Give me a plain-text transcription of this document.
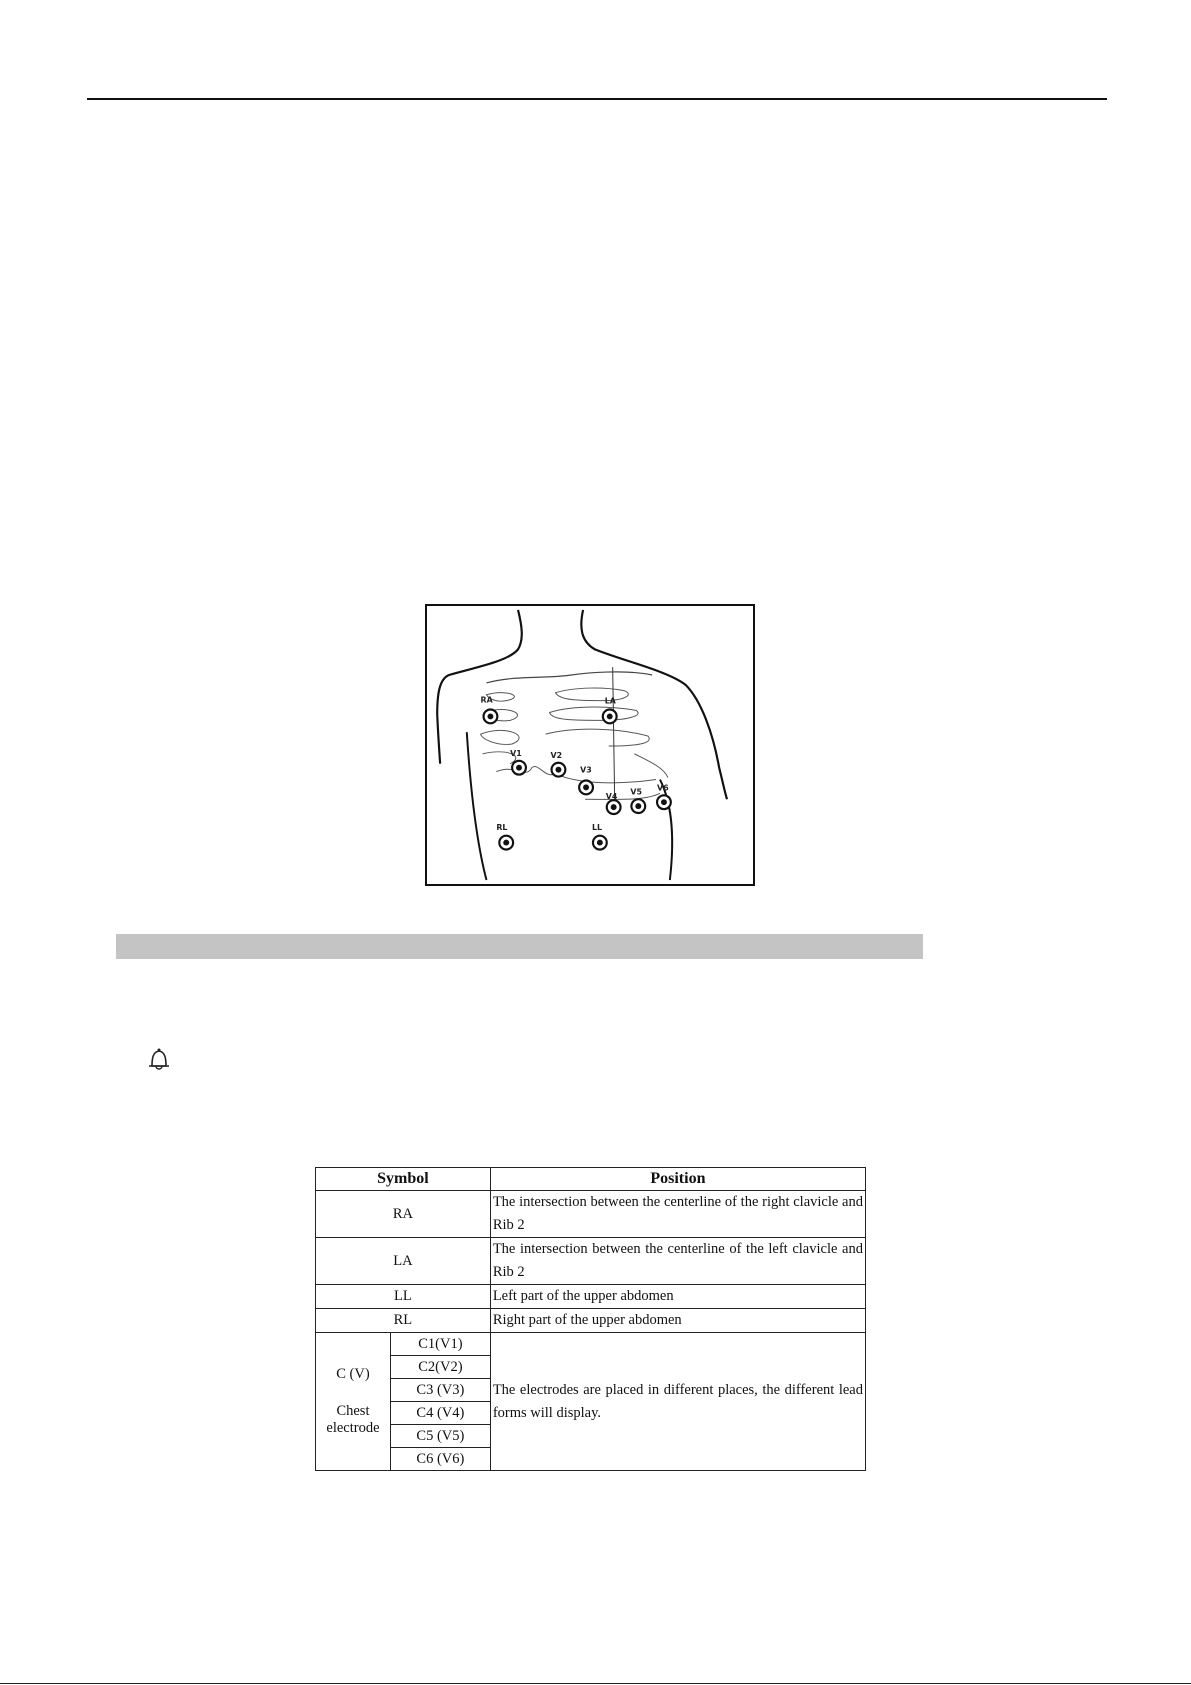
RA	LA
V1	V2
V3
V4
V5 V6
RL	LL
Symbol		Position
RA		The intersection between the centerline of the right clavicle and Rib 2
LA		The intersection between the centerline of the left clavicle and Rib 2
LL		Left part of the upper abdomen
RL		Right part of the upper abdomen

C (V)
Chest
electrode	C1(V1)	The electrodes are placed in different places, the different lead forms will display.
	C2(V2)	
	C3 (V3)	
	C4 (V4)	
	C5 (V5)	
	C6 (V6)	
